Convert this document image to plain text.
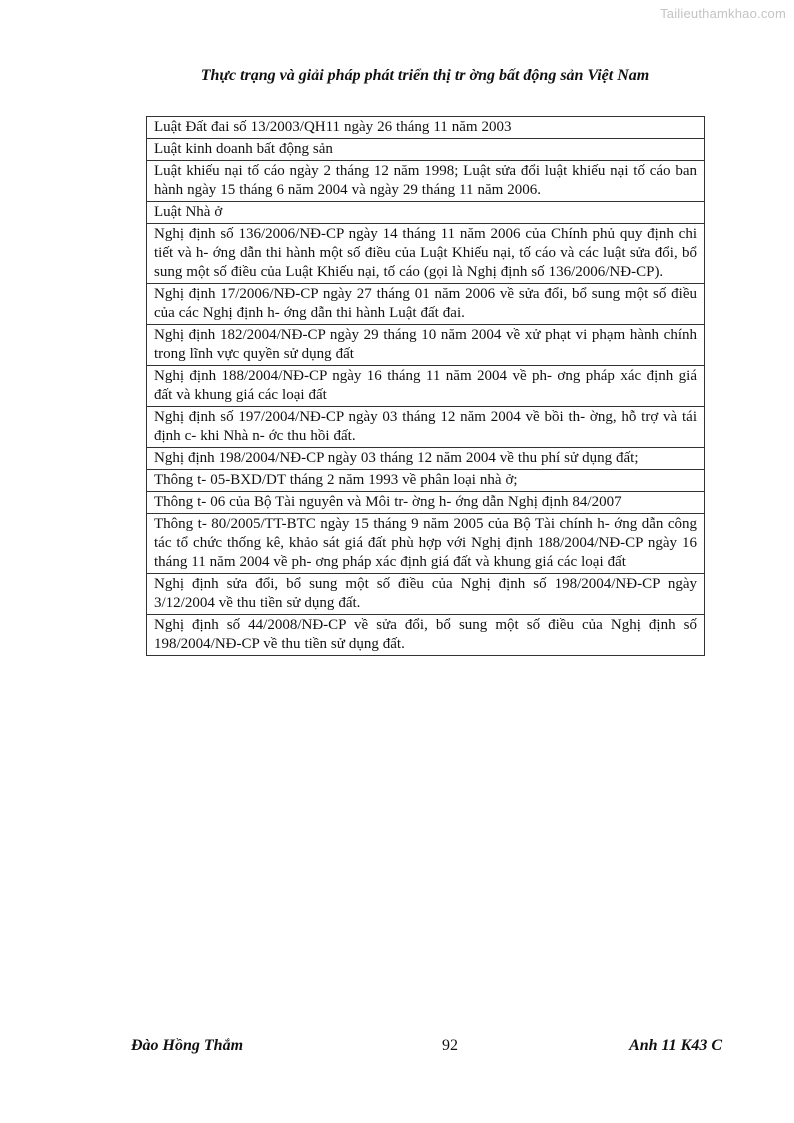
Tailieuthamkhao.com
Thực trạng và giải pháp phát triển thị tr ờng bất động sản Việt Nam
Luật Đất đai số 13/2003/QH11 ngày 26 tháng 11 năm 2003
Luật kinh doanh bất động sản
Luật khiếu nại tố cáo ngày 2 tháng 12 năm 1998; Luật sửa đổi luật khiếu nại tố cáo ban hành ngày 15 tháng 6 năm 2004 và ngày 29 tháng 11 năm 2006.
Luật Nhà ở
Nghị định số 136/2006/NĐ-CP ngày 14 tháng 11 năm 2006 của Chính phủ quy định chi tiết và h- ớng dẫn thi hành một số điều của Luật Khiếu nại, tố cáo và các luật sửa đổi, bổ sung một số điều của Luật Khiếu nại, tố cáo (gọi là Nghị định số 136/2006/NĐ-CP).
Nghị định 17/2006/NĐ-CP ngày 27 tháng 01 năm 2006 về sửa đổi, bổ sung một số điều của các Nghị định h- ớng dẫn thi hành Luật đất đai.
Nghị định 182/2004/NĐ-CP ngày 29 tháng 10 năm 2004 về xử phạt vi phạm hành chính trong lĩnh vực quyền sử dụng đất
Nghị định 188/2004/NĐ-CP ngày 16 tháng 11 năm 2004 về ph- ơng pháp xác định giá đất và khung giá các loại đất
Nghị định số 197/2004/NĐ-CP ngày 03 tháng 12 năm 2004 về bồi th- ờng, hỗ trợ và tái định c- khi Nhà n- ớc thu hồi đất.
Nghị định 198/2004/NĐ-CP ngày 03 tháng 12 năm 2004 về thu phí sử dụng đất;
Thông t- 05-BXD/DT tháng 2 năm 1993 về phân loại nhà ở;
Thông t- 06 của Bộ Tài nguyên và Môi tr- ờng h- ớng dẫn Nghị định 84/2007
Thông t- 80/2005/TT-BTC ngày 15 tháng 9 năm 2005 của Bộ Tài chính h- ớng dẫn công tác tổ chức thống kê, khảo sát giá đất phù hợp với Nghị định 188/2004/NĐ-CP ngày 16 tháng 11 năm 2004 về ph- ơng pháp xác định giá đất và khung giá các loại đất
Nghị định sửa đổi, bổ sung một số điều của Nghị định số 198/2004/NĐ-CP ngày 3/12/2004 về thu tiền sử dụng đất.
Nghị định số 44/2008/NĐ-CP về sửa đổi, bổ sung một số điều của Nghị định số 198/2004/NĐ-CP về thu tiền sử dụng đất.
Đào Hồng Thắm	92	Anh 11 K43 C
